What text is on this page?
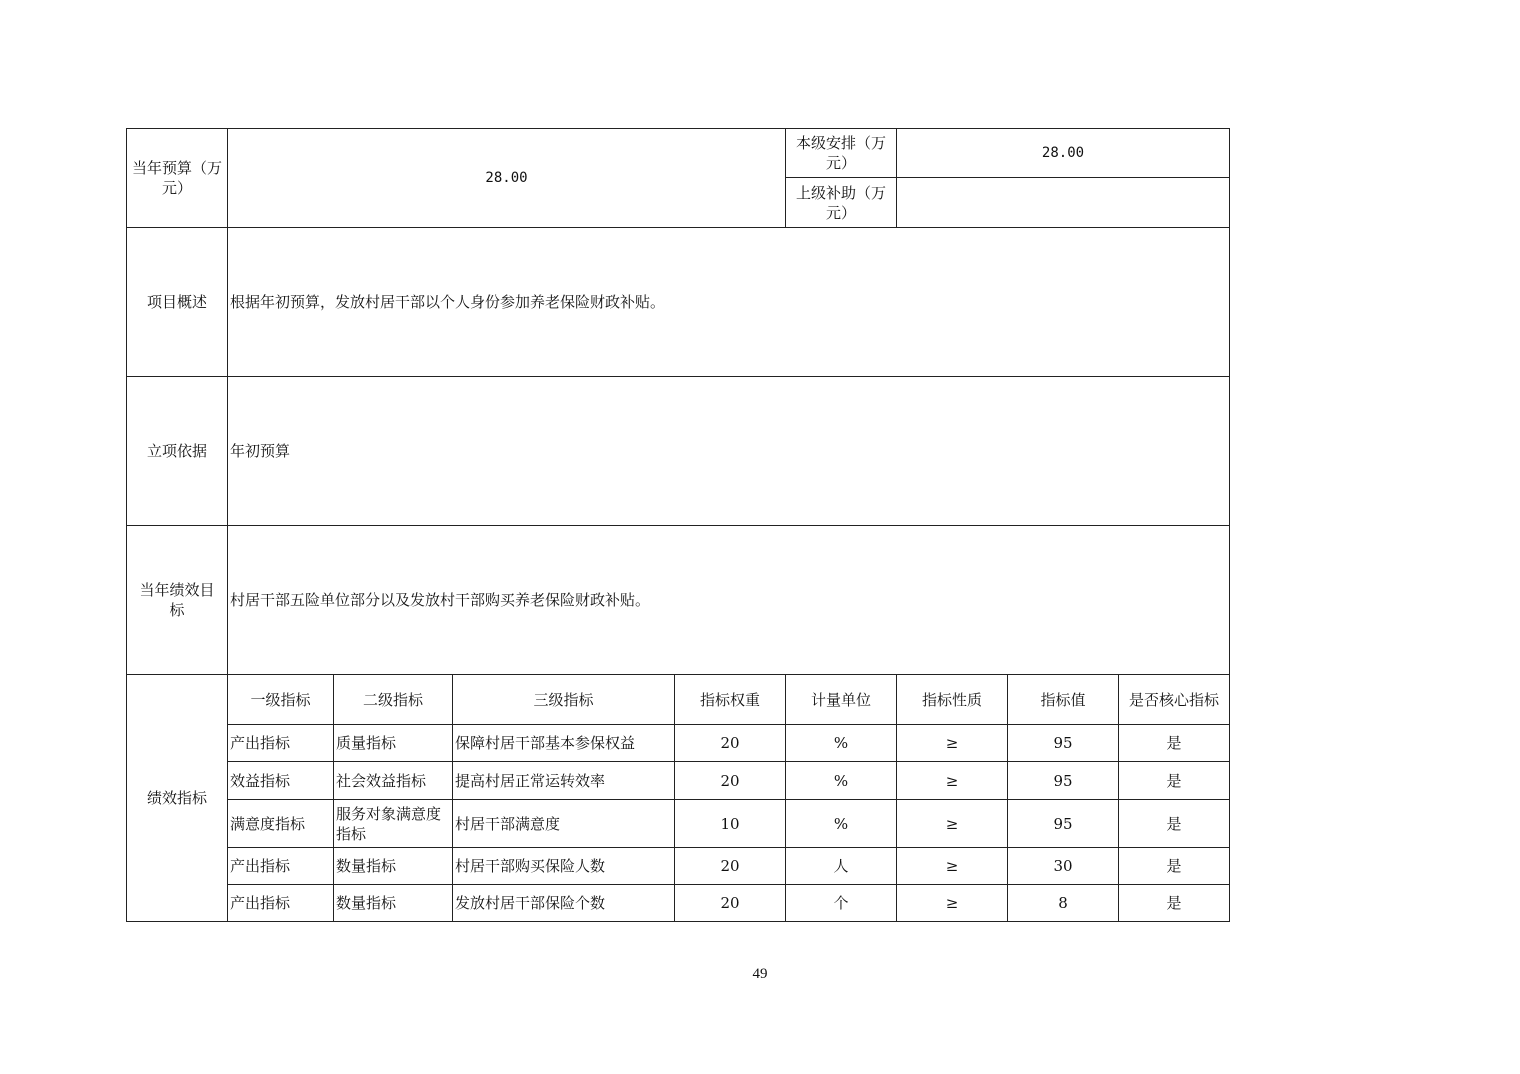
当年预算（万元）	28.00				本级安排（万元）	28.00		
					上级补助（万元）			
项目概述	根据年初预算，发放村居干部以个人身份参加养老保险财政补贴。							
立项依据	年初预算							
当年绩效目标	村居干部五险单位部分以及发放村干部购买养老保险财政补贴。							
绩效指标	一级指标	二级指标	三级指标	指标权重	计量单位	指标性质	指标值	是否核心指标
	产出指标	质量指标	保障村居干部基本参保权益	20	%	≥	95	是
	效益指标	社会效益指标	提高村居正常运转效率	20	%	≥	95	是
	满意度指标	服务对象满意度指标	村居干部满意度	10	%	≥	95	是
	产出指标	数量指标	村居干部购买保险人数	20	人	≥	30	是
	产出指标	数量指标	发放村居干部保险个数	20	个	≥	8	是
49
